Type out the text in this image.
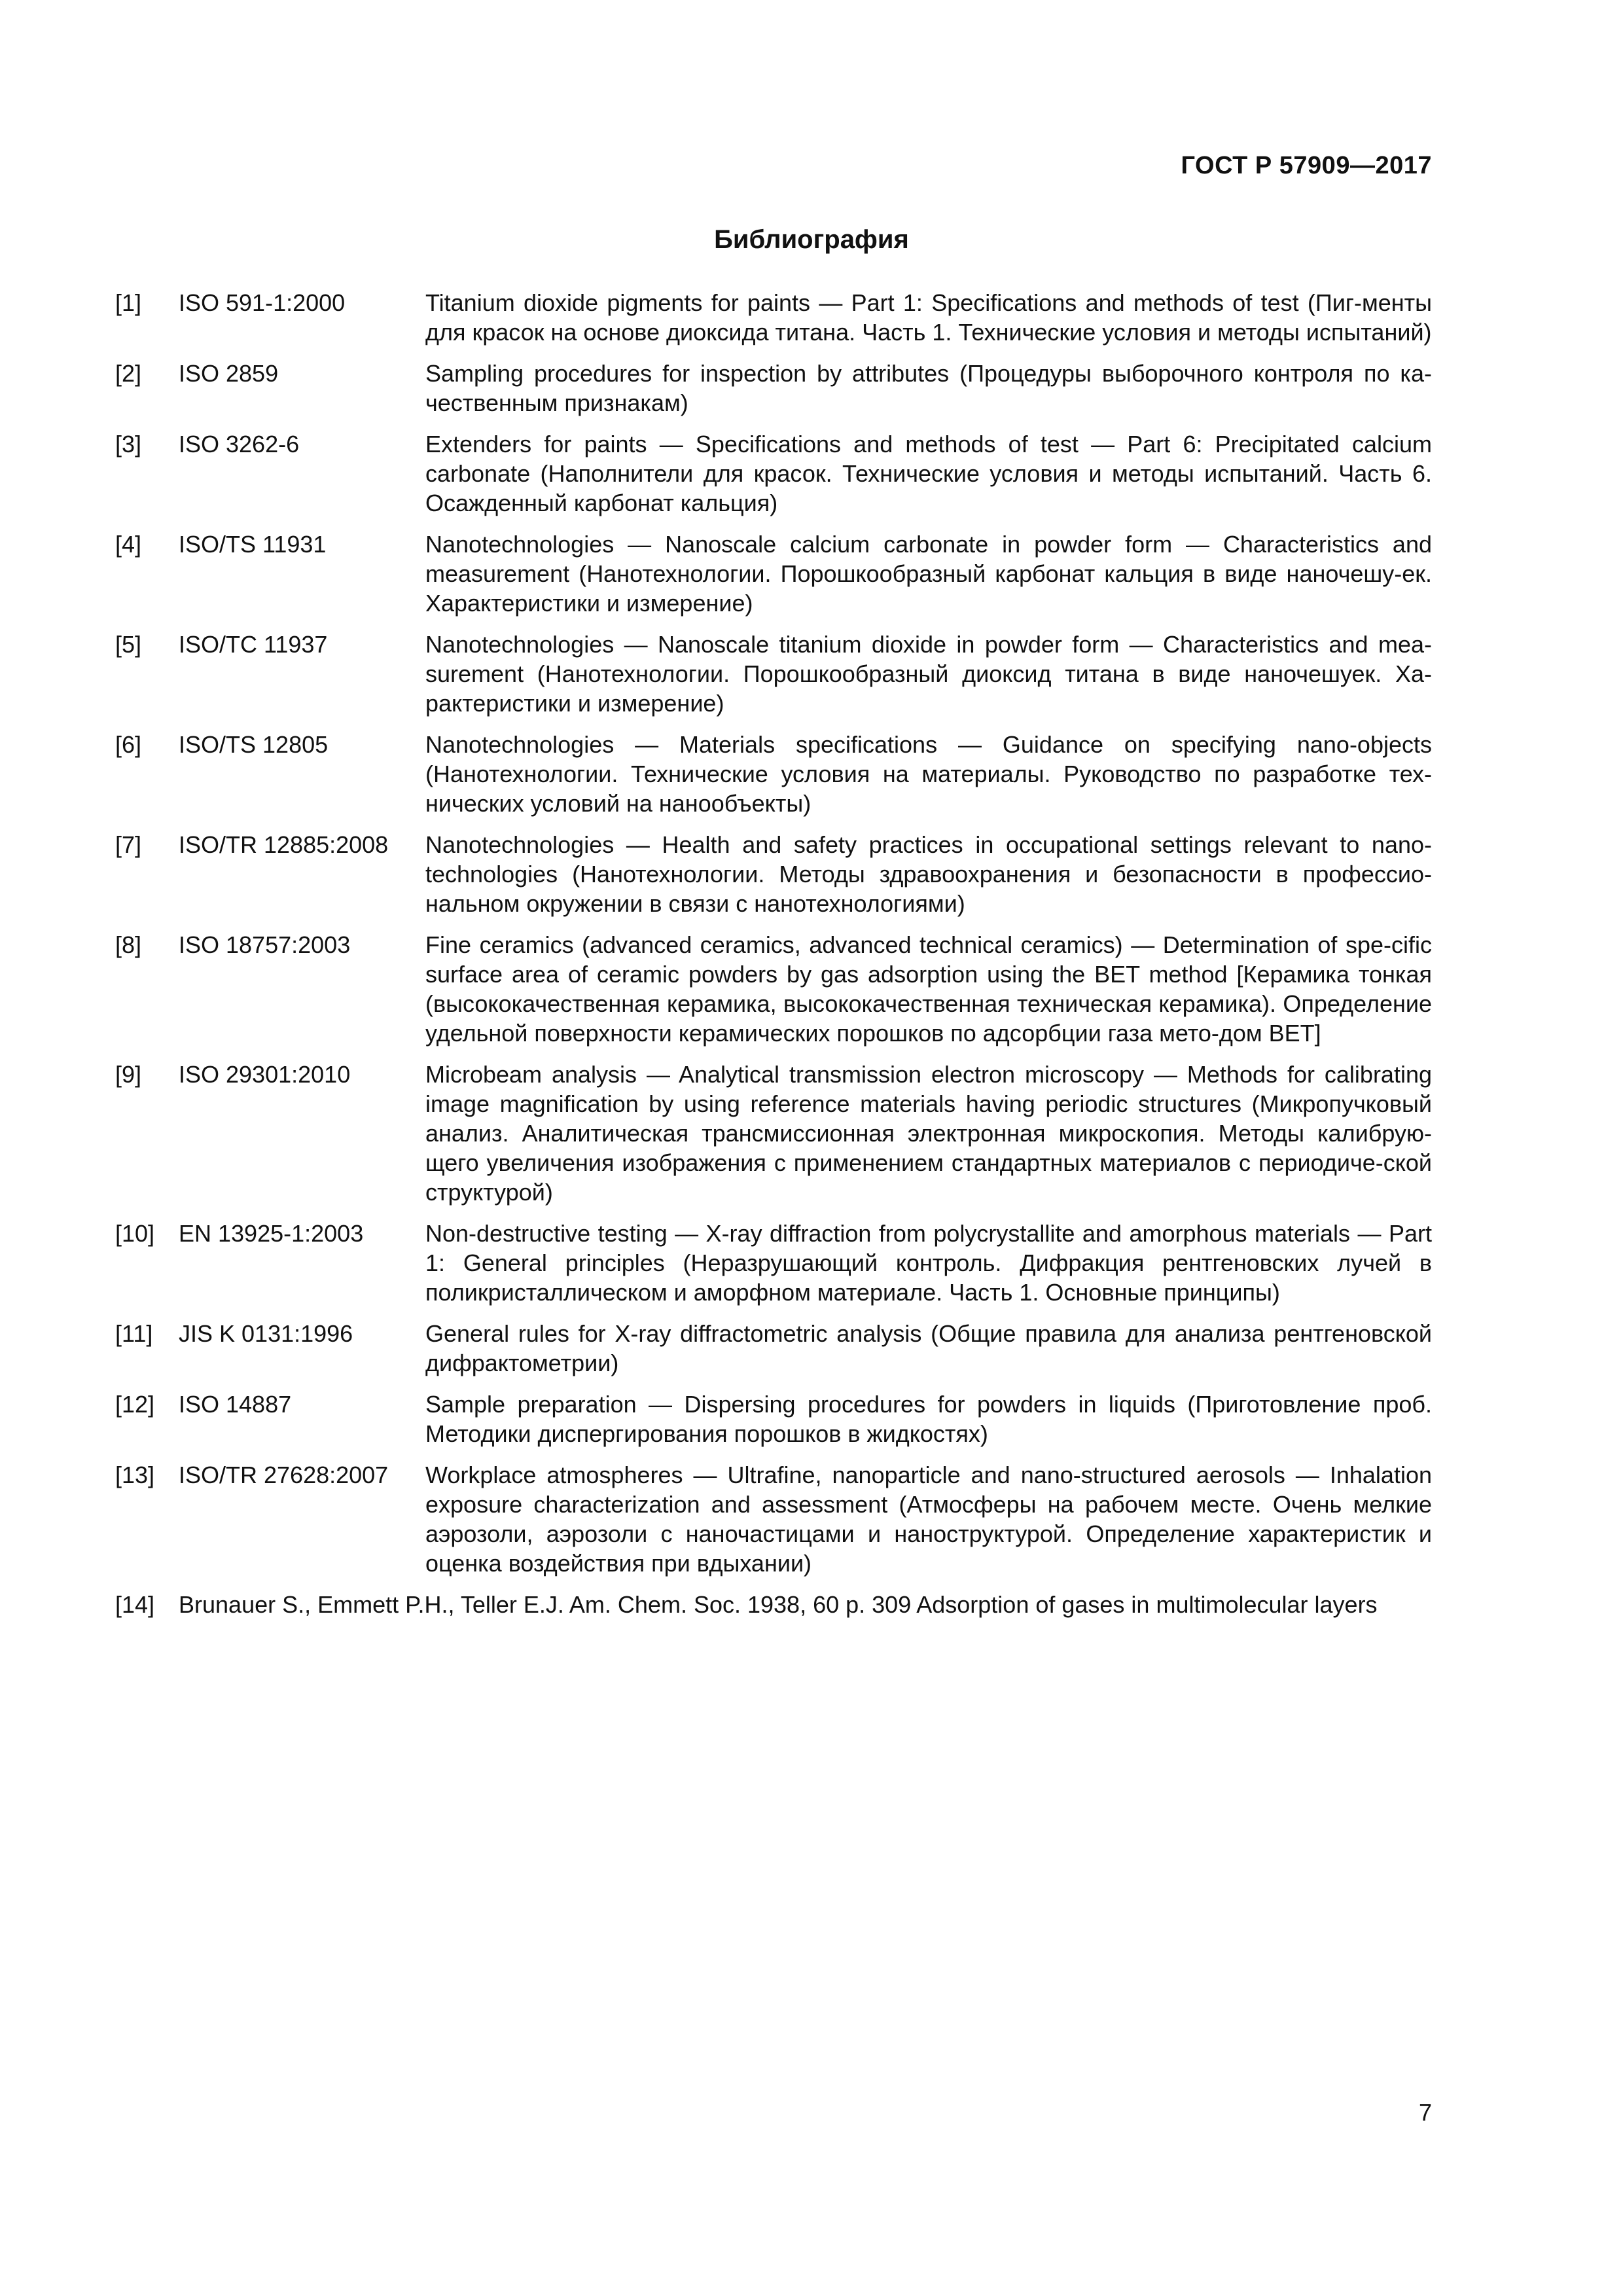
ГОСТ Р 57909—2017
Библиография
[1]	ISO 591-1:2000	Titanium dioxide pigments for paints — Part 1: Specifications and methods of test (Пиг-менты для красок на основе диоксида титана. Часть 1. Технические условия и методы испытаний)
[2]	ISO 2859	Sampling procedures for inspection by attributes (Процедуры выборочного контроля по ка-чественным признакам)
[3]	ISO 3262-6	Extenders for paints — Specifications and methods of test — Part 6: Precipitated calcium carbonate (Наполнители для красок. Технические условия и методы испытаний. Часть 6. Осажденный карбонат кальция)
[4]	ISO/TS 11931	Nanotechnologies — Nanoscale calcium carbonate in powder form — Characteristics and measurement (Нанотехнологии. Порошкообразный карбонат кальция в виде наночешу-ек. Характеристики и измерение)
[5]	ISO/TC 11937	Nanotechnologies — Nanoscale titanium dioxide in powder form — Characteristics and mea-surement (Нанотехнологии. Порошкообразный диоксид титана в виде наночешуек. Ха-рактеристики и измерение)
[6]	ISO/TS 12805	Nanotechnologies — Materials specifications — Guidance on specifying nano-objects (Нанотехнологии. Технические условия на материалы. Руководство по разработке тех-нических условий на нанообъекты)
[7]	ISO/TR 12885:2008	Nanotechnologies — Health and safety practices in occupational settings relevant to nano-technologies (Нанотехнологии. Методы здравоохранения и безопасности в профессио-нальном окружении в связи с нанотехнологиями)
[8]	ISO 18757:2003	Fine ceramics (advanced ceramics, advanced technical ceramics) — Determination of spe-cific surface area of ceramic powders by gas adsorption using the BET method [Керамика тонкая (высококачественная керамика, высококачественная техническая керамика). Определение удельной поверхности керамических порошков по адсорбции газа мето-дом BET]
[9]	ISO 29301:2010	Microbeam analysis — Analytical transmission electron microscopy — Methods for calibrating image magnification by using reference materials having periodic structures (Микропучковый анализ. Аналитическая трансмиссионная электронная микроскопия. Методы калибрую-щего увеличения изображения с применением стандартных материалов с периодиче-ской структурой)
[10]	EN 13925-1:2003	Non-destructive testing — X-ray diffraction from polycrystallite and amorphous materials — Part 1: General principles (Неразрушающий контроль. Дифракция рентгеновских лучей в поликристаллическом и аморфном материале. Часть 1. Основные принципы)
[11]	JIS K 0131:1996	General rules for X-ray diffractometric analysis (Общие правила для анализа рентгеновской дифрактометрии)
[12]	ISO 14887	Sample preparation — Dispersing procedures for powders in liquids (Приготовление проб. Методики диспергирования порошков в жидкостях)
[13]	ISO/TR 27628:2007	Workplace atmospheres — Ultrafine, nanoparticle and nano-structured aerosols — Inhalation exposure characterization and assessment (Атмосферы на рабочем месте. Очень мелкие аэрозоли, аэрозоли с наночастицами и наноструктурой. Определение характеристик и оценка воздействия при вдыхании)
[14]	Brunauer S., Emmett P.H., Teller E.J. Am. Chem. Soc. 1938, 60 p. 309 Adsorption of gases in multimolecular layers
7
